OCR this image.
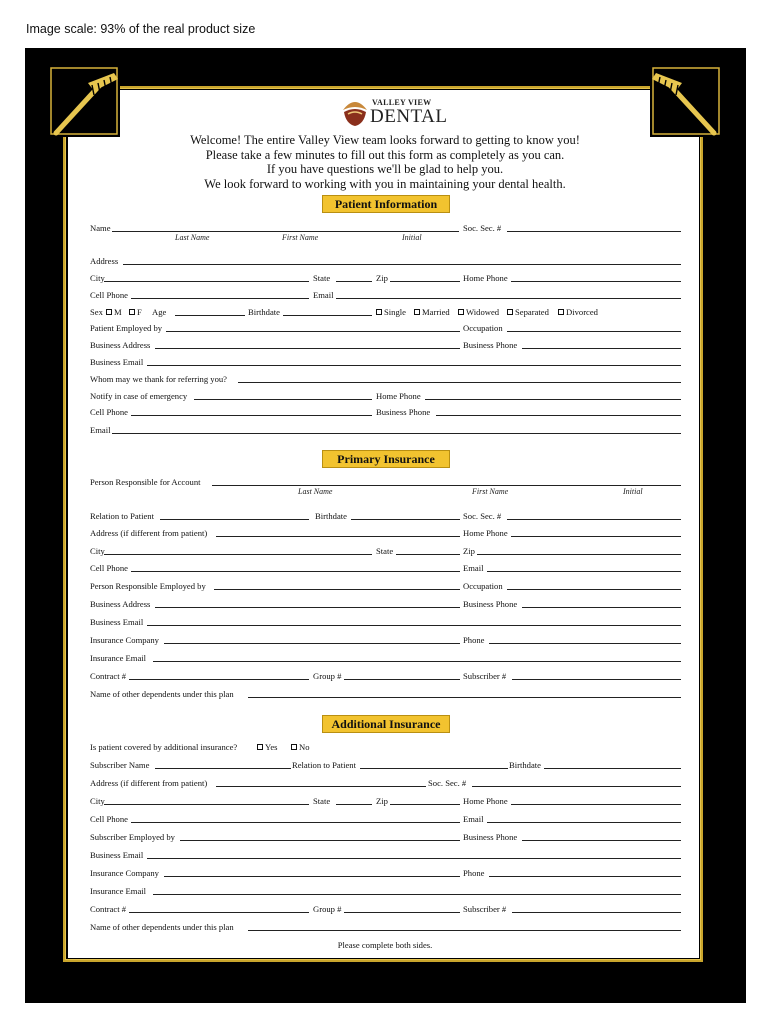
Image scale: 93% of the real product size
VALLEY VIEW
DENTAL
Welcome! The entire Valley View team looks forward to getting to know you!
Please take a few minutes to fill out this form as completely as you can.
If you have questions we'll be glad to help you.
We look forward to working with you in maintaining your dental health.
Patient Information
Name	Soc. Sec. #
Last Name	First Name	Initial
Address
City	State	Zip	Home Phone
Cell Phone	Email
Sex	M	F Age	Birthdate	Single	Married	Widowed	Separated	Divorced
Patient Employed by	Occupation
Business Address	Business Phone
Business Email
Whom may we thank for referring you?
Notify in case of emergency	Home Phone
Cell Phone	Business Phone
Email
Primary Insurance
Person Responsible for Account
Last Name	First Name	Initial
Relation to Patient	Birthdate	Soc. Sec. #
Address (if different from patient)	Home Phone
City	State	Zip
Cell Phone	Email
Person Responsible Employed by	Occupation
Business Address	Business Phone
Business Email
Insurance Company	Phone
Insurance Email
Contract #	Group #	Subscriber #
Name of other dependents under this plan
Additional Insurance
Is patient covered by additional insurance?	Yes	No
Subscriber Name	Relation to Patient	Birthdate
Address (if different from patient)	Soc. Sec. #
City	State	Zip	Home Phone
Cell Phone	Email
Subscriber Employed by	Business Phone
Business Email
Insurance Company	Phone
Insurance Email
Contract #	Group #	Subscriber #
Name of other dependents under this plan
Please complete both sides.
